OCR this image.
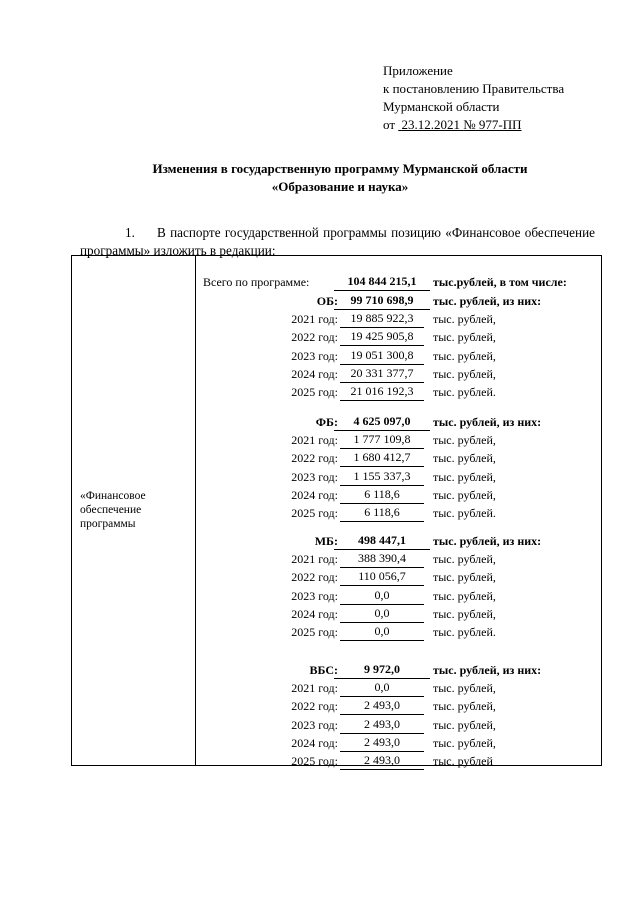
Приложение
к постановлению Правительства
Мурманской области
от 23.12.2021 № 977-ПП
Изменения в государственную программу Мурманской области
«Образование и наука»
1. В паспорте государственной программы позицию «Финансовое обеспечение программы» изложить в редакции:
«Финансовое обеспечение программы
Всего по программе:	104 844 215,1	тыс.рублей, в том числе:
ОБ:	99 710 698,9	тыс. рублей, из них:
2021 год:	19 885 922,3	тыс. рублей,
2022 год:	19 425 905,8	тыс. рублей,
2023 год:	19 051 300,8	тыс. рублей,
2024 год:	20 331 377,7	тыс. рублей,
2025 год:	21 016 192,3	тыс. рублей.
ФБ:	4 625 097,0	тыс. рублей, из них:
2021 год:	1 777 109,8	тыс. рублей,
2022 год:	1 680 412,7	тыс. рублей,
2023 год:	1 155 337,3	тыс. рублей,
2024 год:	6 118,6	тыс. рублей,
2025 год:	6 118,6	тыс. рублей.
МБ:	498 447,1	тыс. рублей, из них:
2021 год:	388 390,4	тыс. рублей,
2022 год:	110 056,7	тыс. рублей,
2023 год:	0,0	тыс. рублей,
2024 год:	0,0	тыс. рублей,
2025 год:	0,0	тыс. рублей.
ВБС:	9 972,0	тыс. рублей, из них:
2021 год:	0,0	тыс. рублей,
2022 год:	2 493,0	тыс. рублей,
2023 год:	2 493,0	тыс. рублей,
2024 год:	2 493,0	тыс. рублей,
2025 год:	2 493,0	тыс. рублей
